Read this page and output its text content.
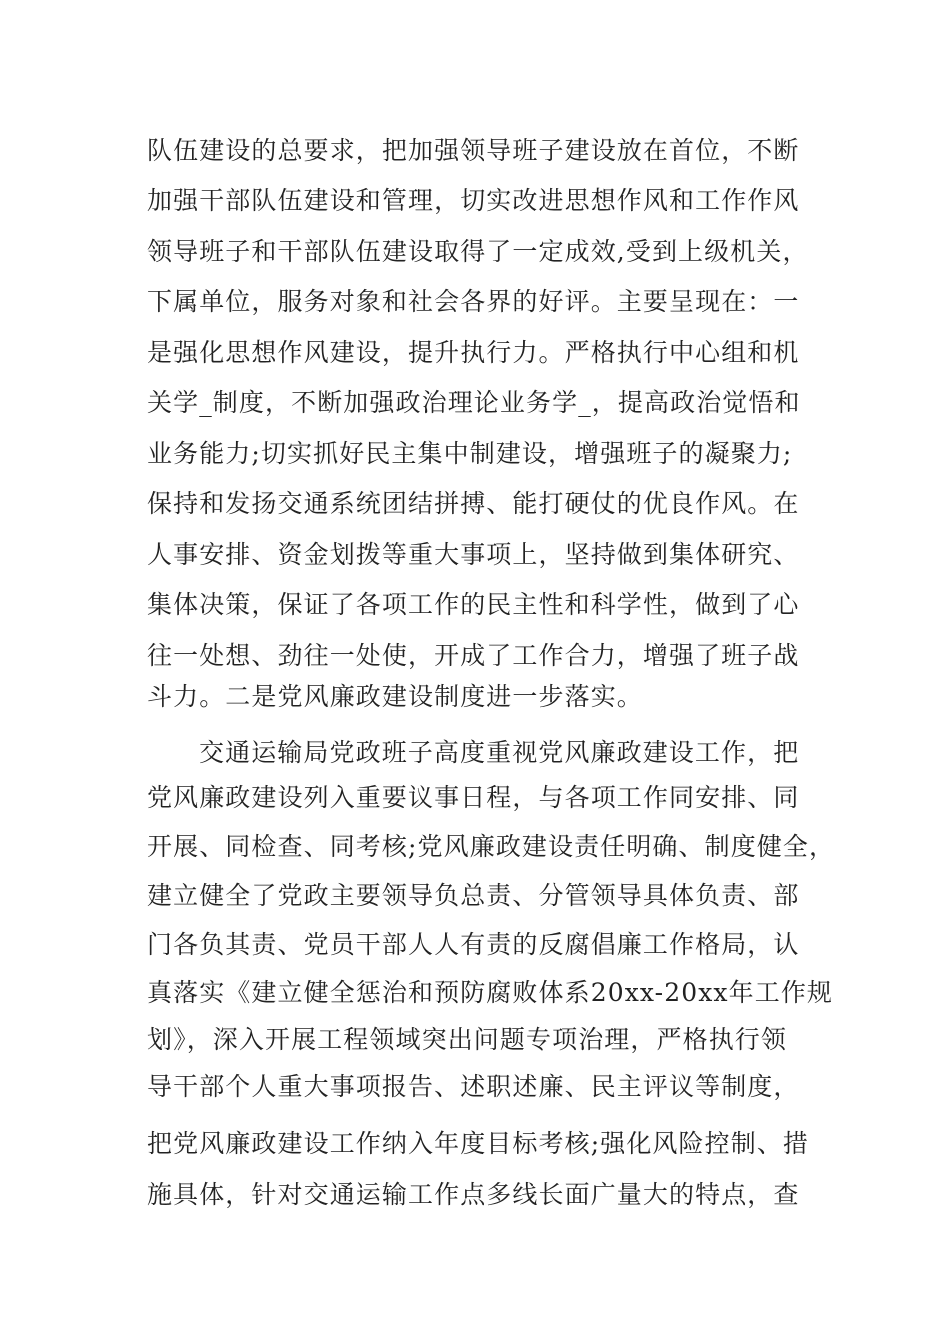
队伍建设的总要求，把加强领导班子建设放在首位，不断
加强干部队伍建设和管理，切实改进思想作风和工作作风
领导班子和干部队伍建设取得了一定成效,受到上级机关，
下属单位，服务对象和社会各界的好评。主要呈现在：一
是强化思想作风建设，提升执行力。严格执行中心组和机
关学_制度，不断加强政治理论业务学_，提高政治觉悟和
业务能力;切实抓好民主集中制建设，增强班子的凝聚力;
保持和发扬交通系统团结拼搏、能打硬仗的优良作风。在
人事安排、资金划拨等重大事项上，坚持做到集体研究、
集体决策，保证了各项工作的民主性和科学性，做到了心
往一处想、劲往一处使，开成了工作合力，增强了班子战
斗力。二是党风廉政建设制度进一步落实。
交通运输局党政班子高度重视党风廉政建设工作，把
党风廉政建设列入重要议事日程，与各项工作同安排、同
开展、同检查、同考核;党风廉政建设责任明确、制度健全，
建立健全了党政主要领导负总责、分管领导具体负责、部
门各负其责、党员干部人人有责的反腐倡廉工作格局，认
真落实《建立健全惩治和预防腐败体系20xx-20xx年工作规
划》，深入开展工程领域突出问题专项治理，严格执行领
导干部个人重大事项报告、述职述廉、民主评议等制度，
把党风廉政建设工作纳入年度目标考核;强化风险控制、措
施具体，针对交通运输工作点多线长面广量大的特点，查
